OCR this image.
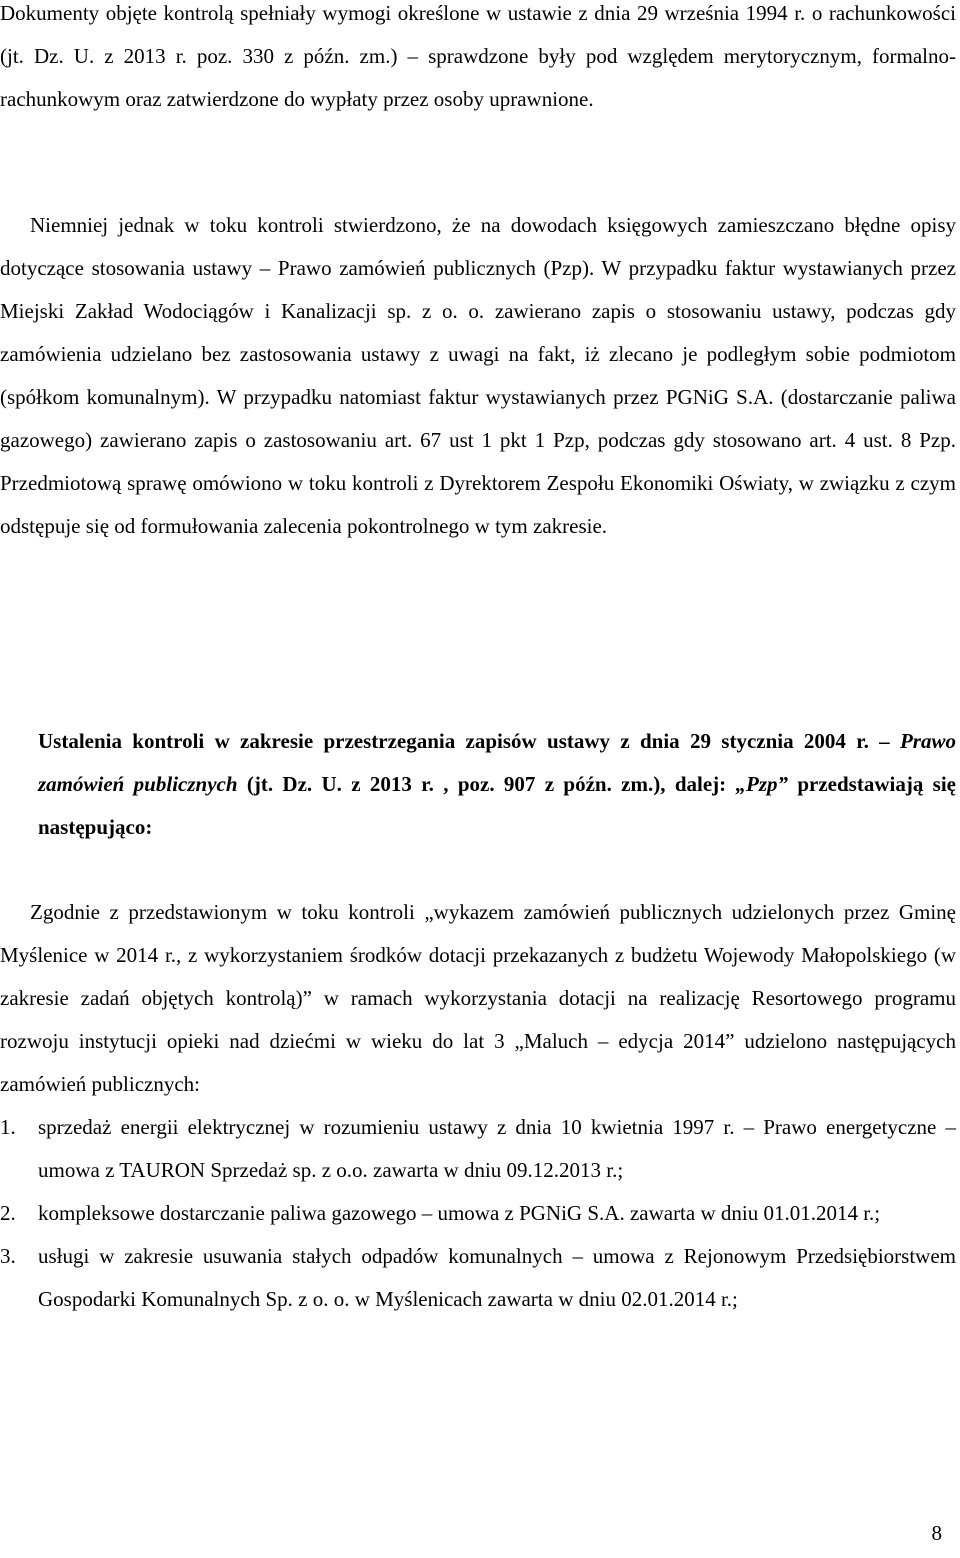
Dokumenty objęte kontrolą spełniały wymogi określone w ustawie z dnia 29 września 1994 r. o rachunkowości (jt. Dz. U. z 2013 r. poz. 330 z późn. zm.) – sprawdzone były pod względem merytorycznym, formalno-rachunkowym oraz zatwierdzone do wypłaty przez osoby uprawnione.

Niemniej jednak w toku kontroli stwierdzono, że na dowodach księgowych zamieszczano błędne opisy dotyczące stosowania ustawy – Prawo zamówień publicznych (Pzp). W przypadku faktur wystawianych przez Miejski Zakład Wodociągów i Kanalizacji sp. z o. o. zawierano zapis o stosowaniu ustawy, podczas gdy zamówienia udzielano bez zastosowania ustawy z uwagi na fakt, iż zlecano je podległym sobie podmiotom (spółkom komunalnym). W przypadku natomiast faktur wystawianych przez PGNiG S.A. (dostarczanie paliwa gazowego) zawierano zapis o zastosowaniu art. 67 ust 1 pkt 1 Pzp, podczas gdy stosowano art. 4 ust. 8 Pzp. Przedmiotową sprawę omówiono w toku kontroli z Dyrektorem Zespołu Ekonomiki Oświaty, w związku z czym odstępuje się od formułowania zalecenia pokontrolnego w tym zakresie.

Ustalenia kontroli w zakresie przestrzegania zapisów ustawy z dnia 29 stycznia 2004 r. – Prawo zamówień publicznych (jt. Dz. U. z 2013 r. , poz. 907 z późn. zm.), dalej: „Pzp” przedstawiają się następująco:

Zgodnie z przedstawionym w toku kontroli „wykazem zamówień publicznych udzielonych przez Gminę Myślenice w 2014 r., z wykorzystaniem środków dotacji przekazanych z budżetu Wojewody Małopolskiego (w zakresie zadań objętych kontrolą)” w ramach wykorzystania dotacji na realizację Resortowego programu rozwoju instytucji opieki nad dziećmi w wieku do lat 3 „Maluch – edycja 2014” udzielono następujących zamówień publicznych:

1. sprzedaż energii elektrycznej w rozumieniu ustawy z dnia 10 kwietnia 1997 r. – Prawo energetyczne – umowa z TAURON Sprzedaż sp. z o.o. zawarta w dniu 09.12.2013 r.;
2. kompleksowe dostarczanie paliwa gazowego – umowa z PGNiG S.A. zawarta w dniu 01.01.2014 r.;
3. usługi w zakresie usuwania stałych odpadów komunalnych – umowa z Rejonowym Przedsiębiorstwem Gospodarki Komunalnych Sp. z o. o. w Myślenicach zawarta w dniu 02.01.2014 r.;
8
